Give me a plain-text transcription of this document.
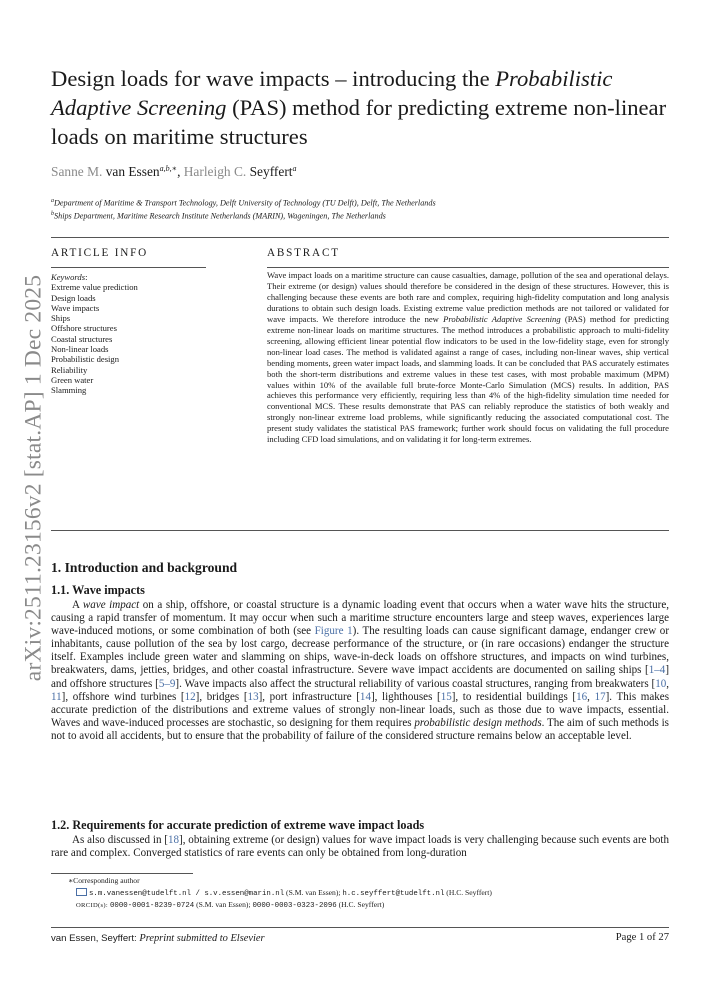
arXiv:2511.23156v2 [stat.AP] 1 Dec 2025
Design loads for wave impacts – introducing the Probabilistic Adaptive Screening (PAS) method for predicting extreme non-linear loads on maritime structures
Sanne M. van Essen$^{a,b,∗}$, Harleigh C. Seyffert$^a$
$^a$Department of Maritime & Transport Technology, Delft University of Technology (TU Delft), Delft, The Netherlands
$^b$Ships Department, Maritime Research Institute Netherlands (MARIN), Wageningen, The Netherlands
ARTICLE INFO
Keywords:
Extreme value prediction
Design loads
Wave impacts
Ships
Offshore structures
Coastal structures
Non-linear loads
Probabilistic design
Reliability
Green water
Slamming
ABSTRACT

Wave impact loads on a maritime structure can cause casualties, damage, pollution of the sea and operational delays. Their extreme (or design) values should therefore be considered in the design of these structures. However, this is challenging because these events are both rare and complex, requiring high-fidelity computation and long analysis durations to obtain such design loads. Existing extreme value prediction methods are not tailored or validated for wave impacts. We therefore introduce the new Probabilistic Adaptive Screening (PAS) method for predicting extreme non-linear loads on maritime structures. The method introduces a probabilistic approach to multi-fidelity screening, allowing efficient linear potential flow indicators to be used in the low-fidelity stage, even for strongly non-linear load cases. The method is validated against a range of cases, including non-linear waves, ship vertical bending moments, green water impact loads, and slamming loads. It can be concluded that PAS accurately estimates both the short-term distributions and extreme values in these test cases, with most probable maximum (MPM) values within 10% of the available full brute-force Monte-Carlo Simulation (MCS) results. In addition, PAS achieves this performance very efficiently, requiring less than 4% of the high-fidelity simulation time needed for conventional MCS. These results demonstrate that PAS can reliably reproduce the statistics of both weakly and strongly non-linear extreme load problems, while significantly reducing the associated computational cost. The present study validates the statistical PAS framework; further work should focus on validating the full procedure including CFD load simulations, and on validating it for long-term extremes.

1. Introduction and background
1.1. Wave impacts

A wave impact on a ship, offshore, or coastal structure is a dynamic loading event that occurs when a water wave hits the structure, causing a rapid transfer of momentum. It may occur when such a maritime structure encounters large and steep waves, experiences large wave-induced motions, or some combination of both (see Figure 1). The resulting loads can cause significant damage, endanger crew or inhabitants, cause pollution of the sea by lost cargo, decrease performance of the structure, or (in rare occasions) endanger the structure itself. Examples include green water and slamming on ships, wave-in-deck loads on offshore structures, and impacts on wind turbines, breakwaters, dams, jetties, bridges, and other coastal infrastructure. Severe wave impact accidents are documented on sailing ships [1–4] and offshore structures [5–9]. Wave impacts also affect the structural reliability of various coastal structures, ranging from breakwaters [10, 11], offshore wind turbines [12], bridges [13], port infrastructure [14], lighthouses [15], to residential buildings [16, 17]. This makes accurate prediction of the distributions and extreme values of strongly non-linear loads, such as those due to wave impacts, essential. Waves and wave-induced processes are stochastic, so designing for them requires probabilistic design methods. The aim of such methods is not to avoid all accidents, but to ensure that the probability of failure of the considered structure remains below an acceptable level.

1.2. Requirements for accurate prediction of extreme wave impact loads

As also discussed in [18], obtaining extreme (or design) values for wave impact loads is very challenging because such events are both rare and complex. Converged statistics of rare events can only be obtained from long-duration

∗Corresponding author
s.m.vanessen@tudelft.nl / s.v.essen@marin.nl (S.M. van Essen); h.c.seyffert@tudelft.nl (H.C. Seyffert)
ORCID(s): 0000-0001-8239-0724 (S.M. van Essen); 0000-0003-0323-2096 (H.C. Seyffert)
van Essen, Seyffert: Preprint submitted to Elsevier	Page 1 of 27
